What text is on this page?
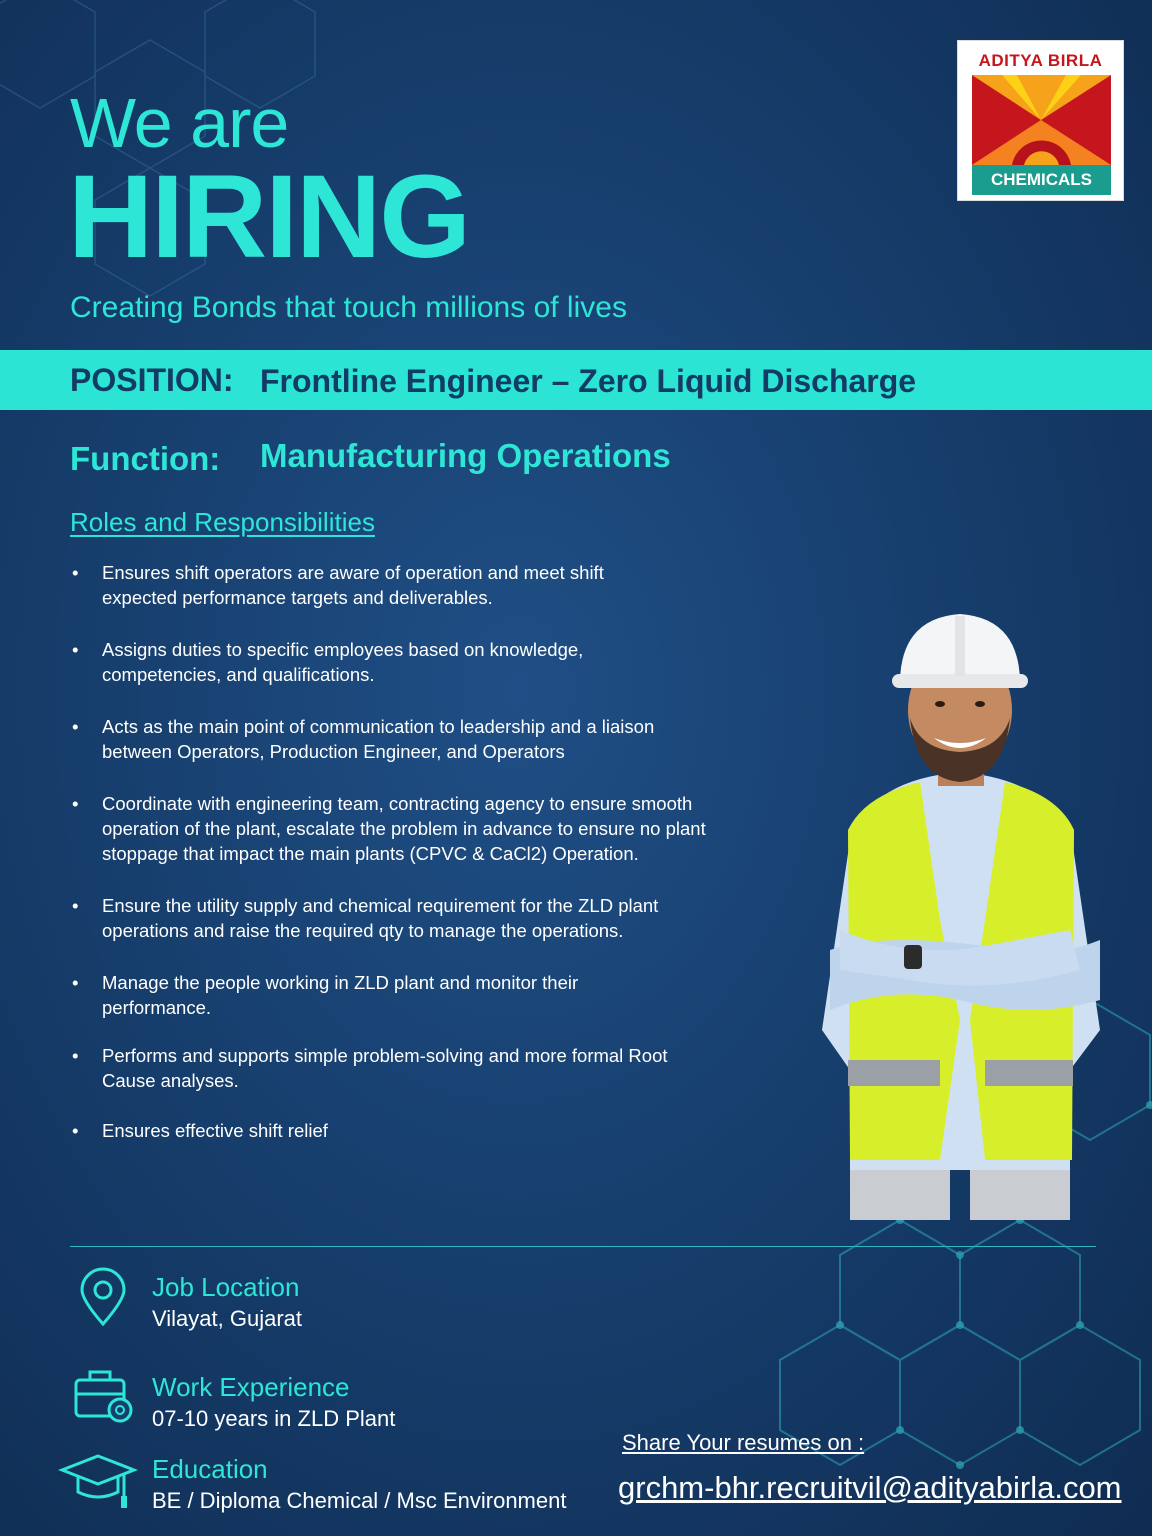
We are
HIRING
Creating Bonds that touch millions of lives
ADITYA BIRLA
CHEMICALS
POSITION: Frontline Engineer – Zero Liquid Discharge
Function: Manufacturing Operations
Roles and Responsibilities
• Ensures shift operators are aware of operation and meet shift expected performance targets and deliverables.
• Assigns duties to specific employees based on knowledge, competencies, and qualifications.
• Acts as the main point of communication to leadership and a liaison between Operators, Production Engineer, and Operators
• Coordinate with engineering team, contracting agency to ensure smooth operation of the plant, escalate the problem in advance to ensure no plant stoppage that impact the main plants (CPVC & CaCl2) Operation.
• Ensure the utility supply and chemical requirement for the ZLD plant operations and raise the required qty to manage the operations.
• Manage the people working in ZLD plant and monitor their performance.
• Performs and supports simple problem-solving and more formal Root Cause analyses.
• Ensures effective shift relief
Job Location
Vilayat, Gujarat
Work Experience
07-10 years in ZLD Plant
Education
BE / Diploma Chemical / Msc Environment
Share Your resumes on :
grchm-bhr.recruitvil@adityabirla.com
